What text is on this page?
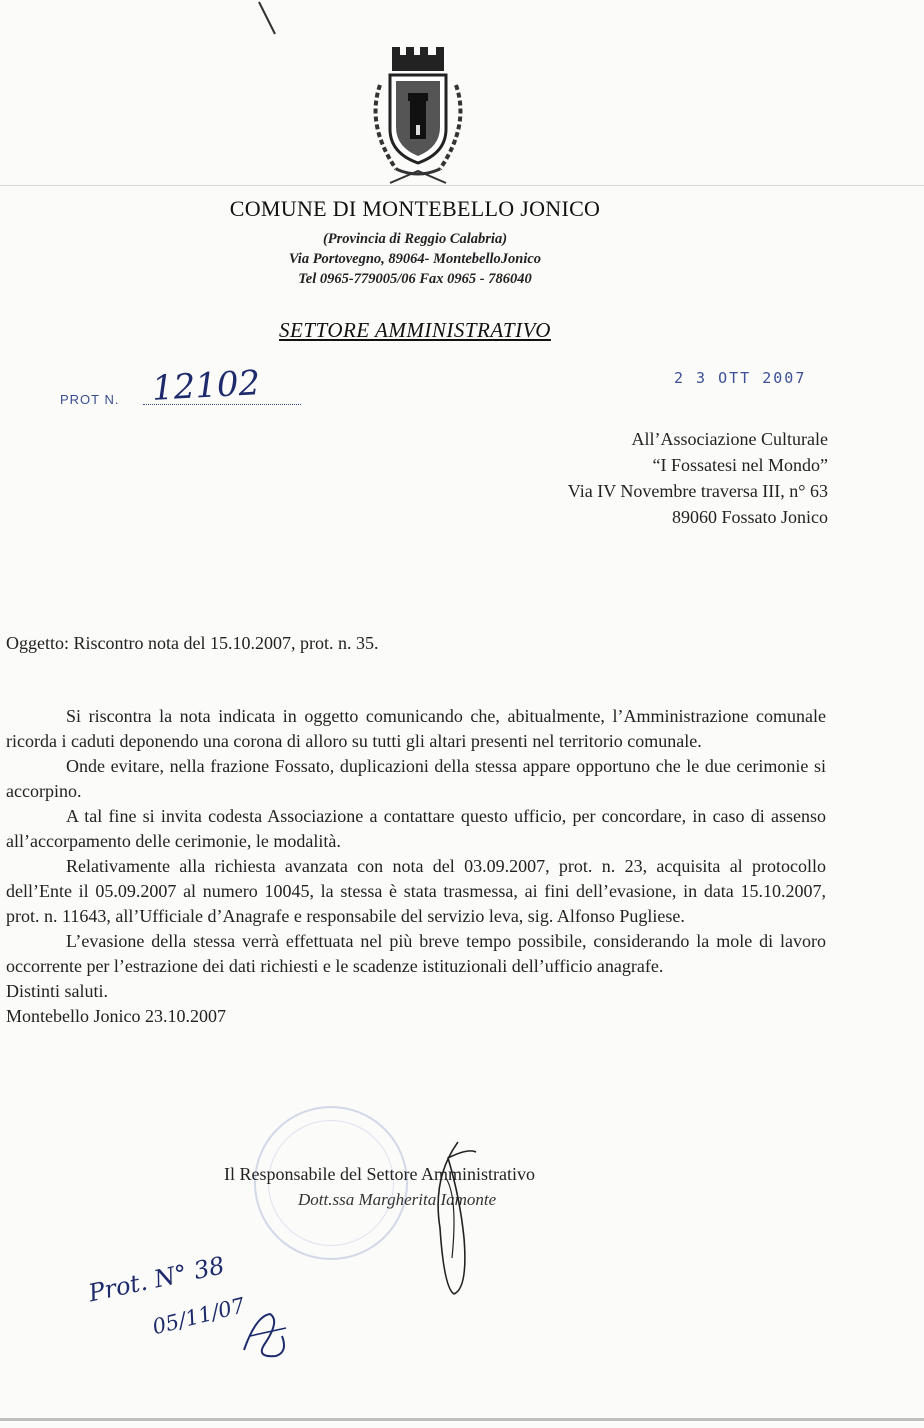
COMUNE DI MONTEBELLO JONICO
(Provincia di Reggio Calabria)
Via Portovegno, 89064- MontebelloJonico
Tel 0965-779005/06 Fax 0965 - 786040
SETTORE AMMINISTRATIVO
PROT N. 12102	2 3 OTT 2007
All’Associazione Culturale
“I Fossatesi nel Mondo”
Via IV Novembre traversa III, n° 63
89060 Fossato Jonico
Oggetto: Riscontro nota del 15.10.2007, prot. n. 35.

Si riscontra la nota indicata in oggetto comunicando che, abitualmente, l’Amministrazione comunale ricorda i caduti deponendo una corona di alloro su tutti gli altari presenti nel territorio comunale.

Onde evitare, nella frazione Fossato, duplicazioni della stessa appare opportuno che le due cerimonie si accorpino.

A tal fine si invita codesta Associazione a contattare questo ufficio, per concordare, in caso di assenso all’accorpamento delle cerimonie, le modalità.

Relativamente alla richiesta avanzata con nota del 03.09.2007, prot. n. 23, acquisita al protocollo dell’Ente il 05.09.2007 al numero 10045, la stessa è stata trasmessa, ai fini dell’evasione, in data 15.10.2007, prot. n. 11643, all’Ufficiale d’Anagrafe e responsabile del servizio leva, sig. Alfonso Pugliese.

L’evasione della stessa verrà effettuata nel più breve tempo possibile, considerando la mole di lavoro occorrente per l’estrazione dei dati richiesti e le scadenze istituzionali dell’ufficio anagrafe.

Distinti saluti.

Montebello Jonico 23.10.2007

Il Responsabile del Settore Amministrativo
Dott.ssa Margherita Iamonte
Prot. N° 38
05/11/07
